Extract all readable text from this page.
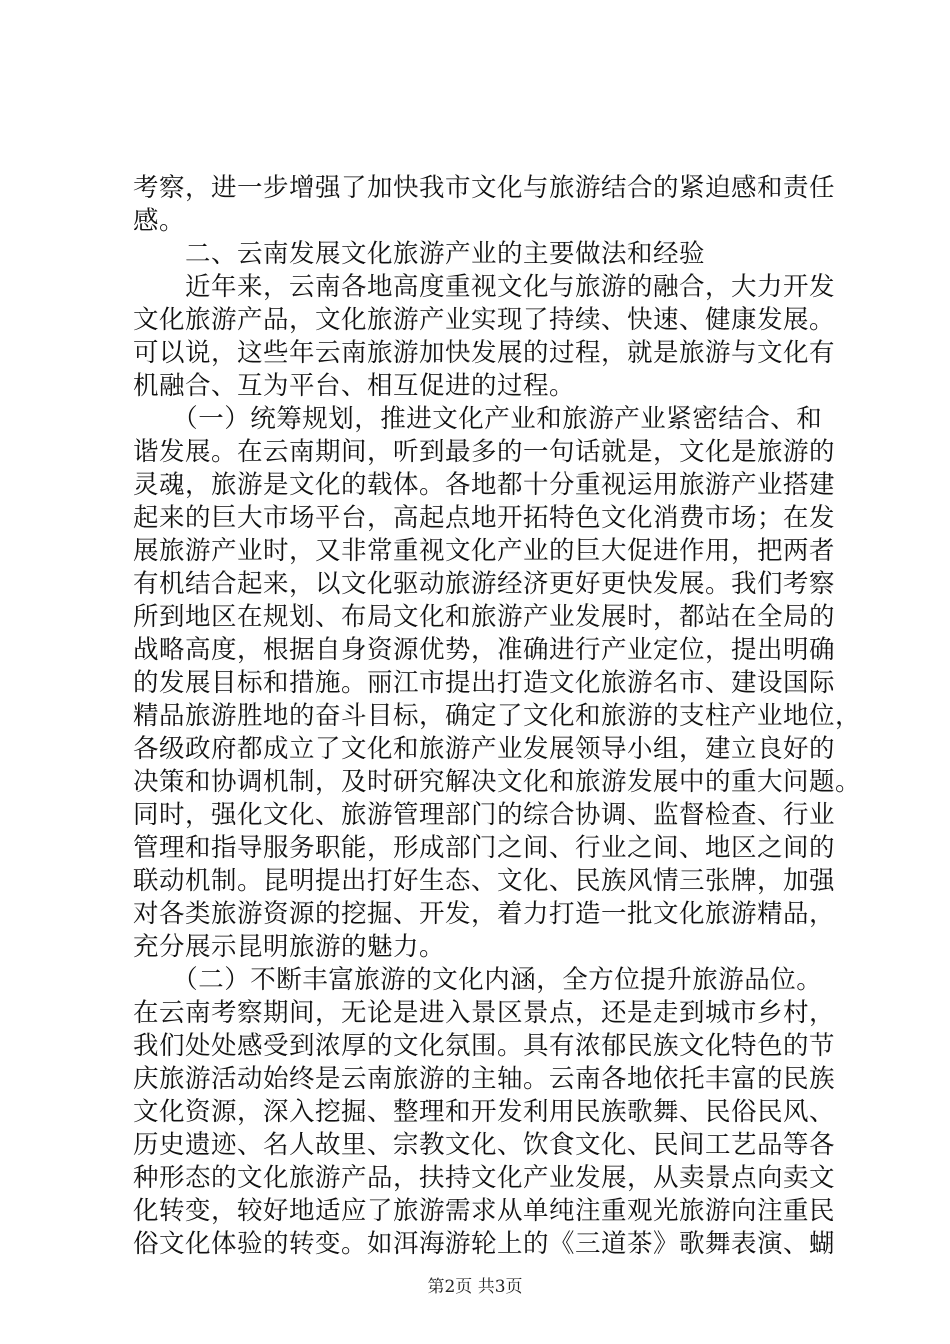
考察，进一步增强了加快我市文化与旅游结合的紧迫感和责任
感。
　　二、云南发展文化旅游产业的主要做法和经验
　　近年来，云南各地高度重视文化与旅游的融合，大力开发
文化旅游产品，文化旅游产业实现了持续、快速、健康发展。
可以说，这些年云南旅游加快发展的过程，就是旅游与文化有
机融合、互为平台、相互促进的过程。
　　（一）统筹规划，推进文化产业和旅游产业紧密结合、和
谐发展。在云南期间，听到最多的一句话就是，文化是旅游的
灵魂，旅游是文化的载体。各地都十分重视运用旅游产业搭建
起来的巨大市场平台，高起点地开拓特色文化消费市场；在发
展旅游产业时，又非常重视文化产业的巨大促进作用，把两者
有机结合起来，以文化驱动旅游经济更好更快发展。我们考察
所到地区在规划、布局文化和旅游产业发展时，都站在全局的
战略高度，根据自身资源优势，准确进行产业定位，提出明确
的发展目标和措施。丽江市提出打造文化旅游名市、建设国际
精品旅游胜地的奋斗目标，确定了文化和旅游的支柱产业地位，
各级政府都成立了文化和旅游产业发展领导小组，建立良好的
决策和协调机制，及时研究解决文化和旅游发展中的重大问题。
同时，强化文化、旅游管理部门的综合协调、监督检查、行业
管理和指导服务职能，形成部门之间、行业之间、地区之间的
联动机制。昆明提出打好生态、文化、民族风情三张牌，加强
对各类旅游资源的挖掘、开发，着力打造一批文化旅游精品，
充分展示昆明旅游的魅力。
　　（二）不断丰富旅游的文化内涵，全方位提升旅游品位。
在云南考察期间，无论是进入景区景点，还是走到城市乡村，
我们处处感受到浓厚的文化氛围。具有浓郁民族文化特色的节
庆旅游活动始终是云南旅游的主轴。云南各地依托丰富的民族
文化资源，深入挖掘、整理和开发利用民族歌舞、民俗民风、
历史遗迹、名人故里、宗教文化、饮食文化、民间工艺品等各
种形态的文化旅游产品，扶持文化产业发展，从卖景点向卖文
化转变，较好地适应了旅游需求从单纯注重观光旅游向注重民
俗文化体验的转变。如洱海游轮上的《三道茶》歌舞表演、蝴
第2页 共3页
